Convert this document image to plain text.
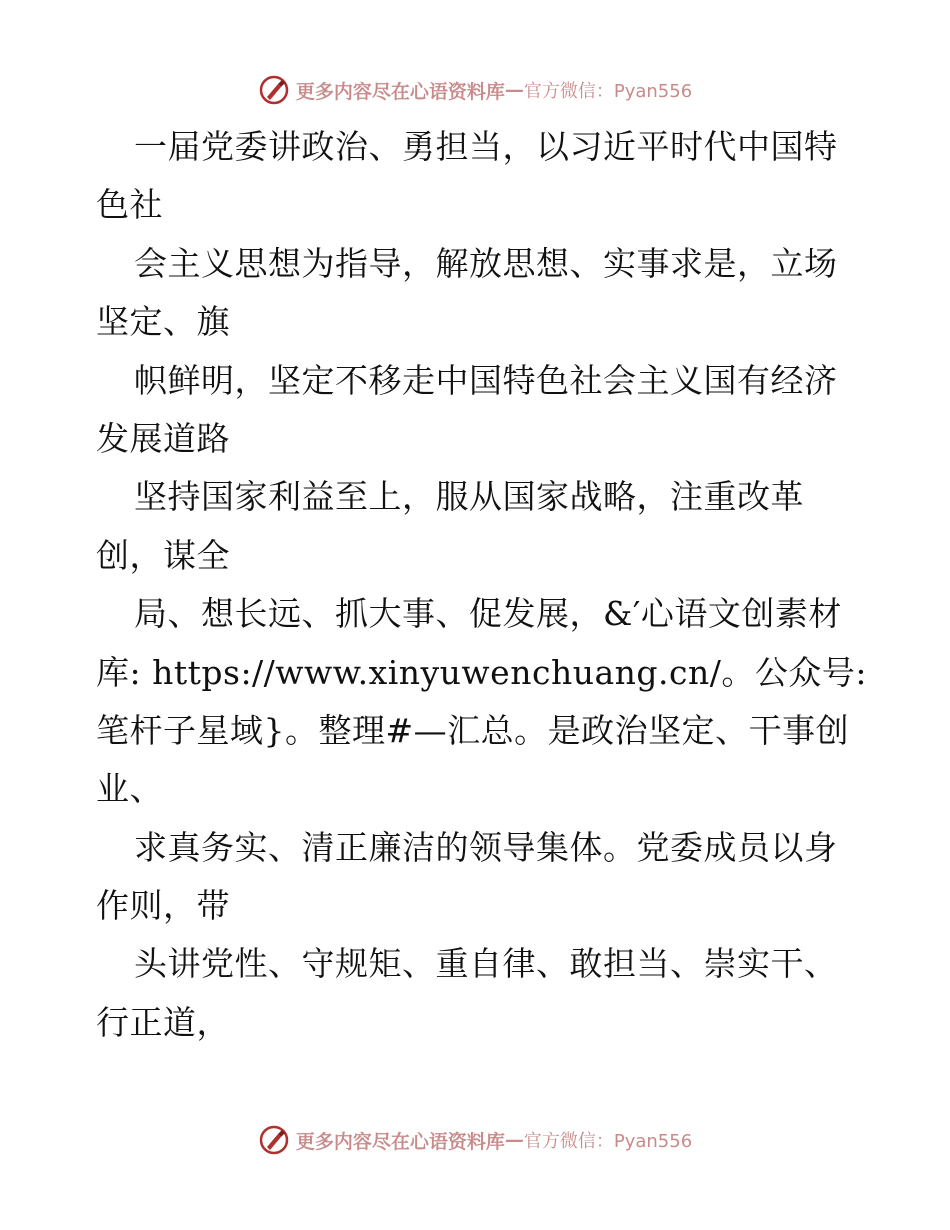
更多内容尽在心语资料库 — 官方微信：Pyan556
一届党委讲政治、勇担当，以习近平时代中国特
色社
会主义思想为指导，解放思想、实事求是，立场
坚定、旗
帜鲜明，坚定不移走中国特色社会主义国有经济
发展道路
坚持国家利益至上，服从国家战略，注重改革
创，谋全
局、想长远、抓大事、促发展，&′心语文创素材
库: https://www.xinyuwenchuang.cn/。公众号:
笔杆子星域}。整理#—汇总。是政治坚定、干事创
业、
求真务实、清正廉洁的领导集体。党委成员以身
作则，带
头讲党性、守规矩、重自律、敢担当、崇实干、
行正道，
更多内容尽在心语资料库 — 官方微信：Pyan556
